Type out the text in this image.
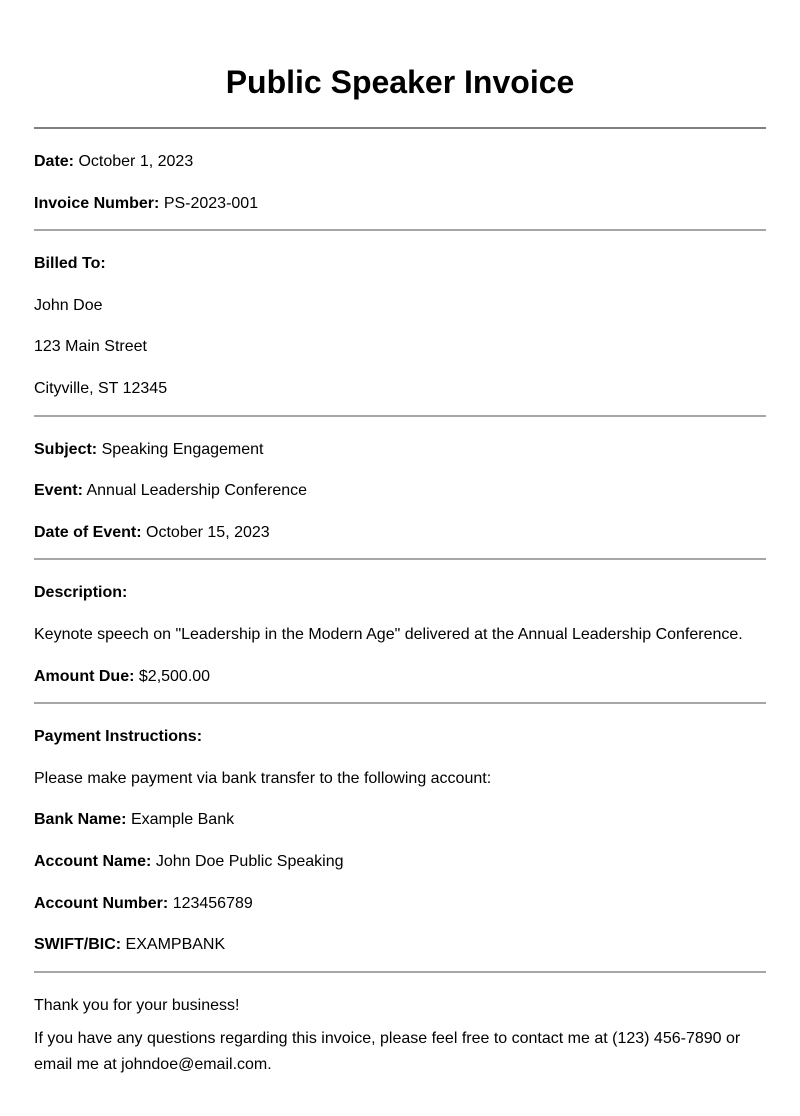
Public Speaker Invoice

Date: October 1, 2023

Invoice Number: PS-2023-001

Billed To:

John Doe

123 Main Street

Cityville, ST 12345

Subject: Speaking Engagement

Event: Annual Leadership Conference

Date of Event: October 15, 2023

Description:

Keynote speech on "Leadership in the Modern Age" delivered at the Annual Leadership Conference.

Amount Due: $2,500.00

Payment Instructions:

Please make payment via bank transfer to the following account:

Bank Name: Example Bank

Account Name: John Doe Public Speaking

Account Number: 123456789

SWIFT/BIC: EXAMPBANK

Thank you for your business!

If you have any questions regarding this invoice, please feel free to contact me at (123) 456-7890 or email me at johndoe@email.com.
